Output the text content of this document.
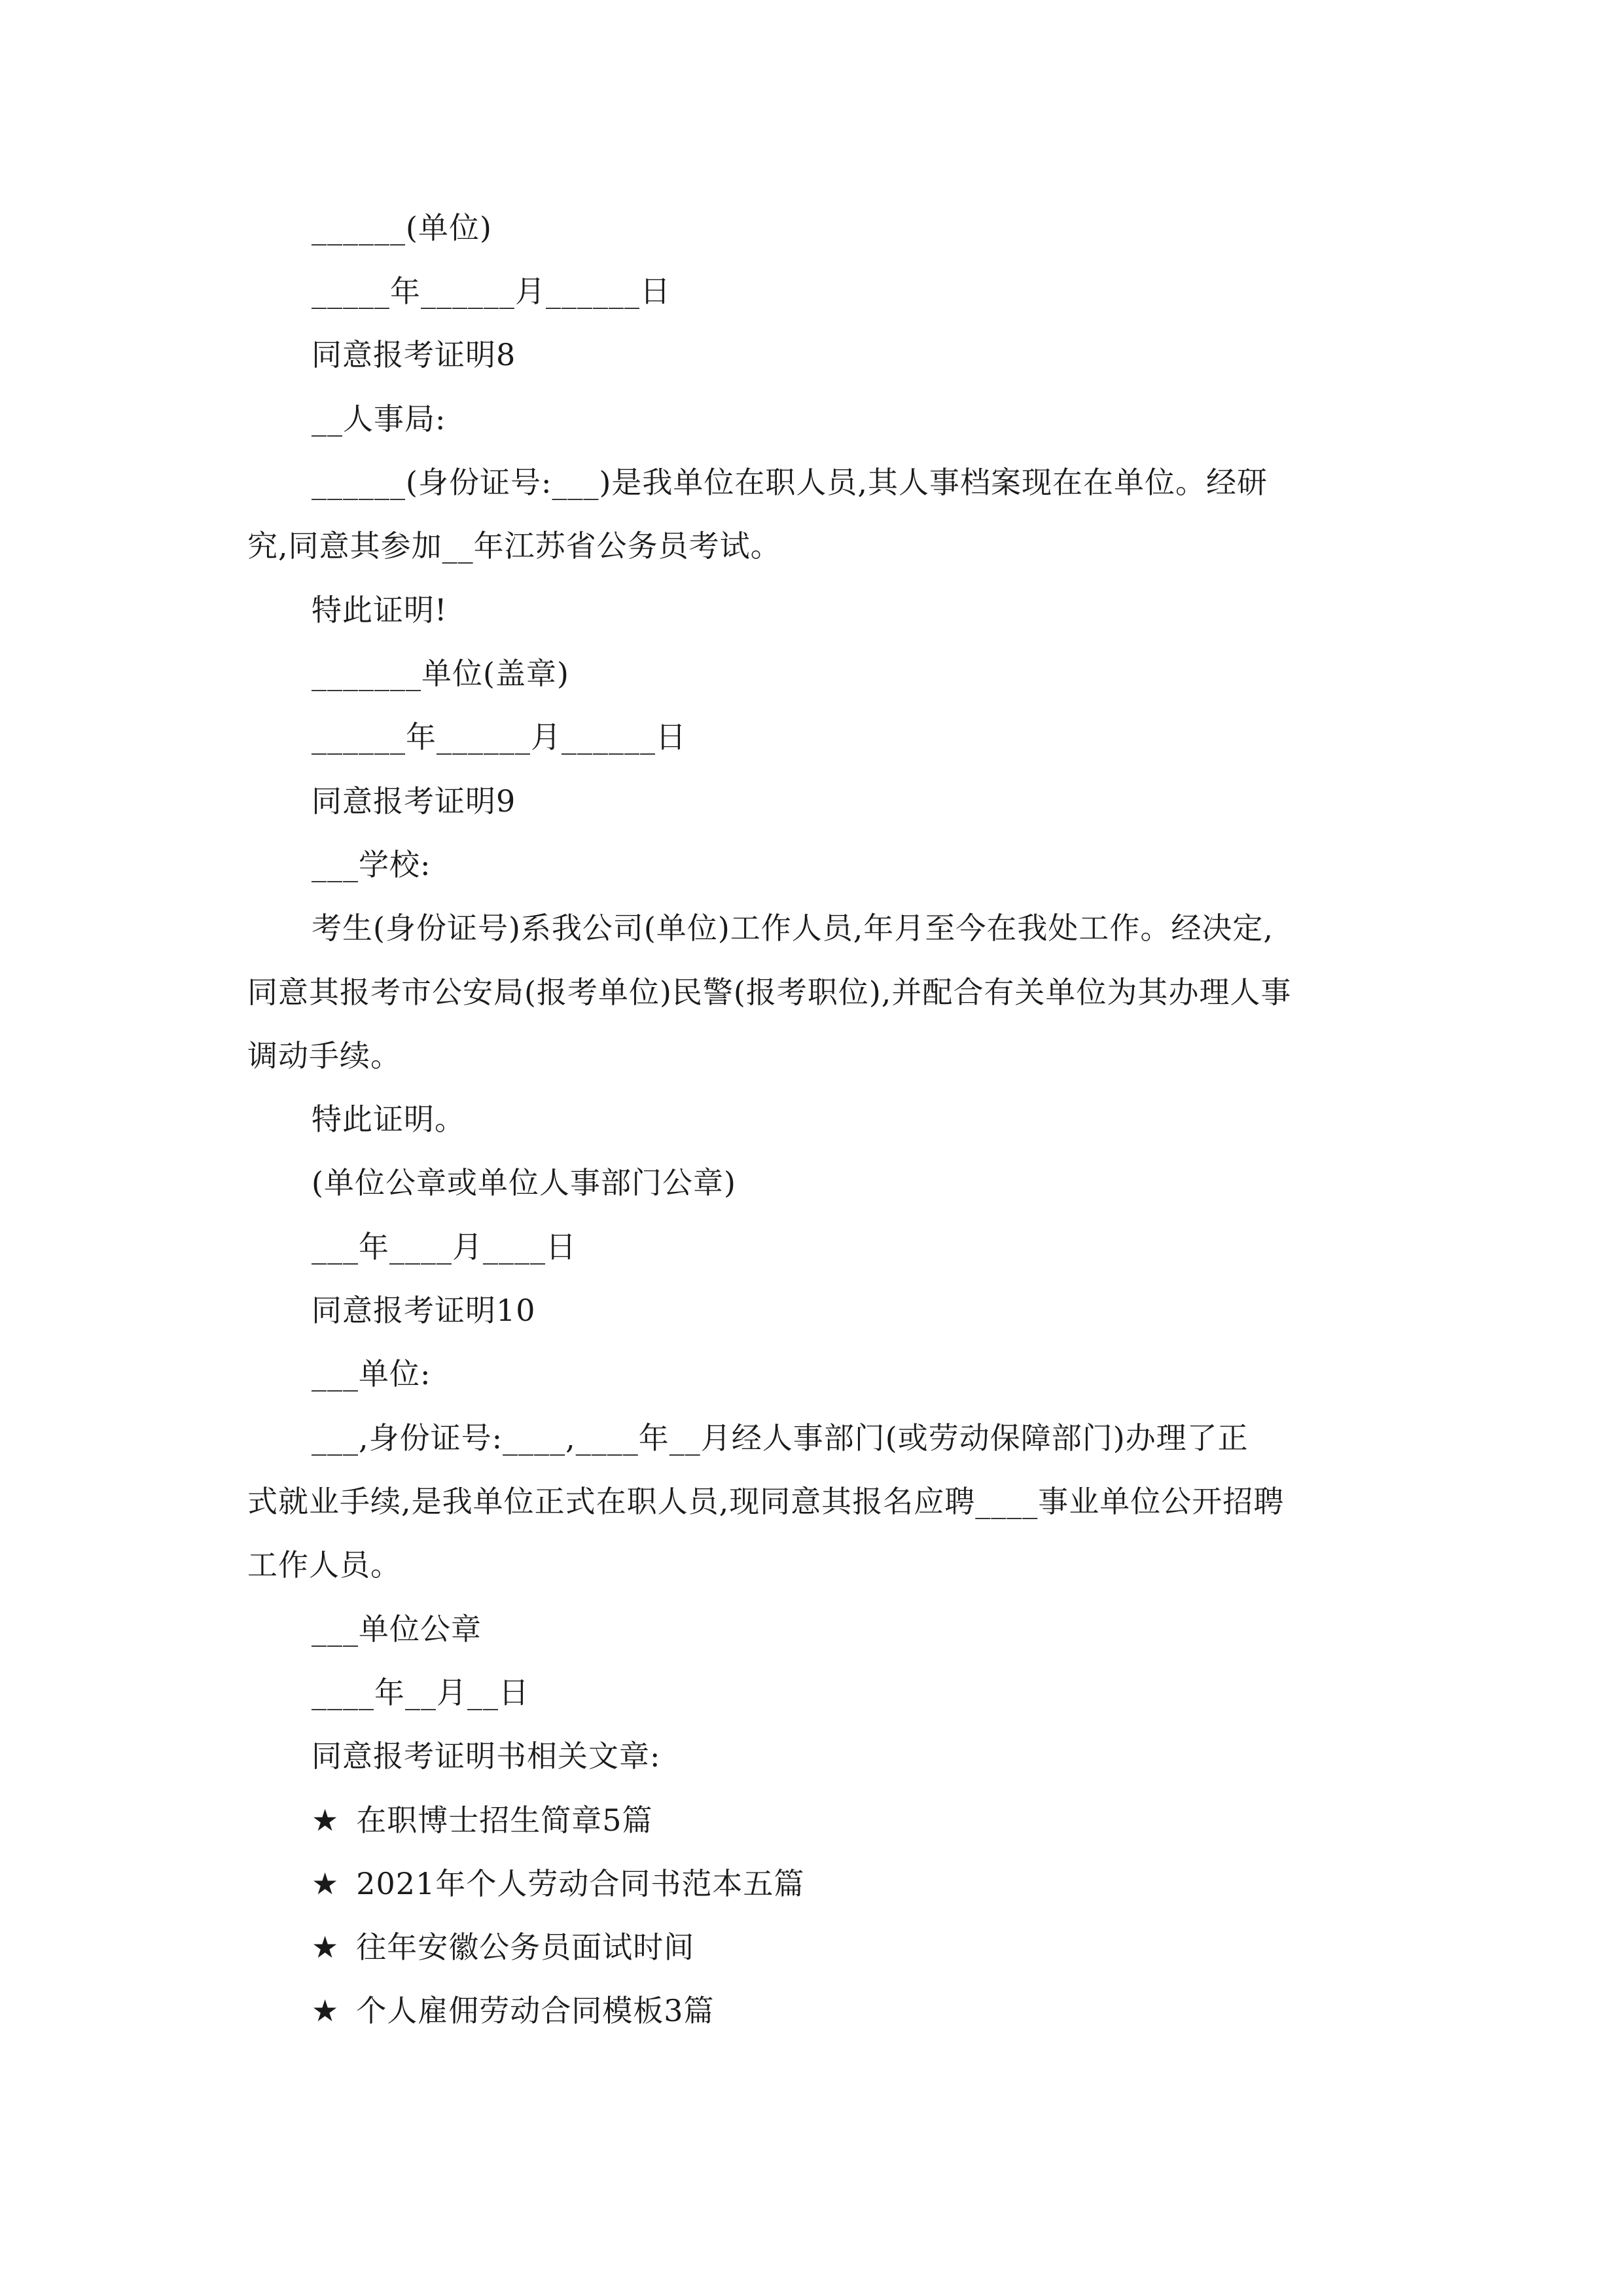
______(单位)
_____年______月______日
同意报考证明8
__人事局:
______(身份证号:___)是我单位在职人员,其人事档案现在在单位。经研
究,同意其参加__年江苏省公务员考试。
特此证明!
_______单位(盖章)
______年______月______日
同意报考证明9
___学校:
考生(身份证号)系我公司(单位)工作人员,年月至今在我处工作。经决定,
同意其报考市公安局(报考单位)民警(报考职位),并配合有关单位为其办理人事
调动手续。
特此证明。
(单位公章或单位人事部门公章)
___年____月____日
同意报考证明10
___单位:
___,身份证号:____,____年__月经人事部门(或劳动保障部门)办理了正
式就业手续,是我单位正式在职人员,现同意其报名应聘____事业单位公开招聘
工作人员。
___单位公章
____年__月__日
同意报考证明书相关文章:
★ 在职博士招生简章5篇
★ 2021年个人劳动合同书范本五篇
★ 往年安徽公务员面试时间
★ 个人雇佣劳动合同模板3篇
